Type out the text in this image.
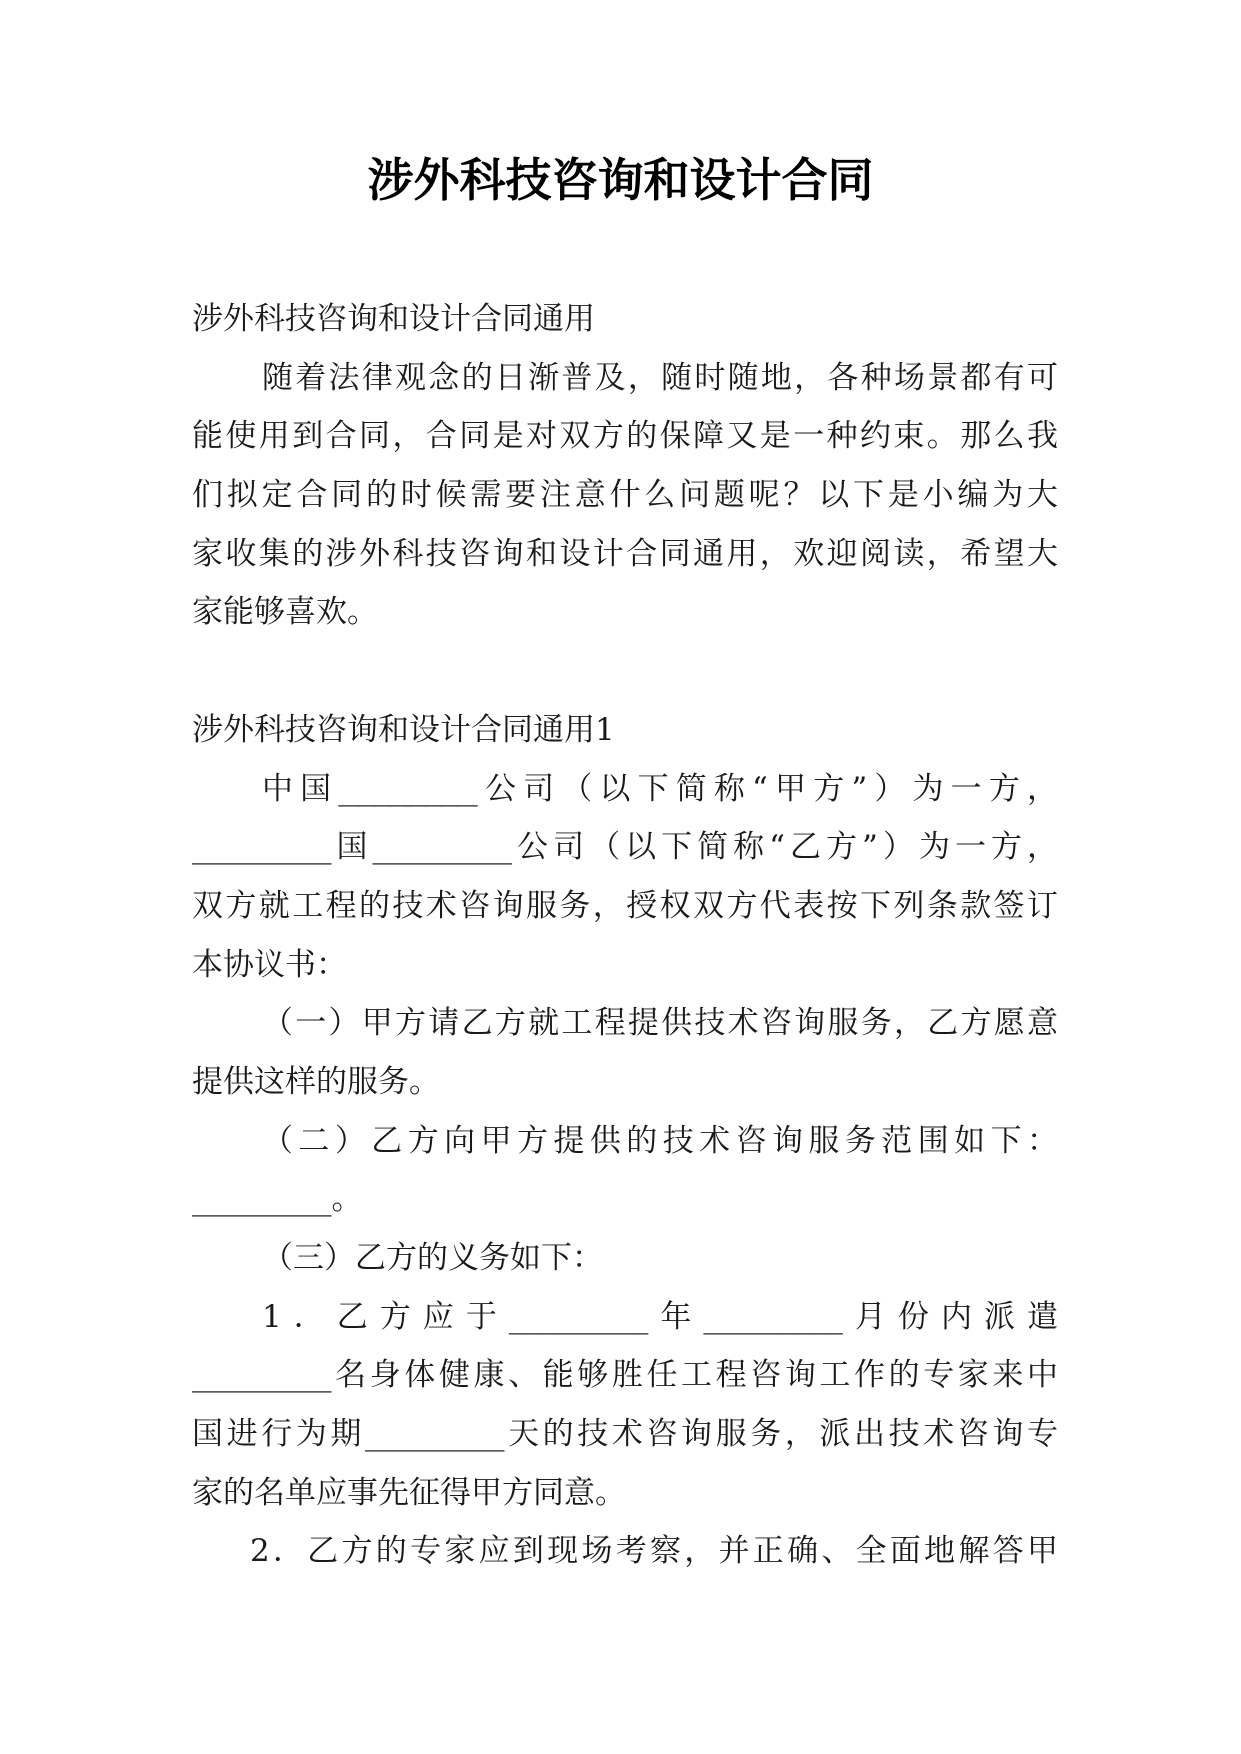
涉外科技咨询和设计合同
涉外科技咨询和设计合同通用
随着法律观念的日渐普及，随时随地，各种场景都有可
能使用到合同，合同是对双方的保障又是一种约束。那么我
们拟定合同的时候需要注意什么问题呢？以下是小编为大
家收集的涉外科技咨询和设计合同通用，欢迎阅读，希望大
家能够喜欢。
涉外科技咨询和设计合同通用1
中国_________公司（以下简称“甲方”）为一方，
_________国_________公司（以下简称“乙方”）为一方，
双方就工程的技术咨询服务，授权双方代表按下列条款签订
本协议书：
（一）甲方请乙方就工程提供技术咨询服务，乙方愿意
提供这样的服务。
（二）乙方向甲方提供的技术咨询服务范围如下：
_________。
（三）乙方的义务如下：
1．乙方应于_________年_________月份内派遣
_________名身体健康、能够胜任工程咨询工作的专家来中
国进行为期_________天的技术咨询服务，派出技术咨询专
家的名单应事先征得甲方同意。
2．乙方的专家应到现场考察，并正确、全面地解答甲
